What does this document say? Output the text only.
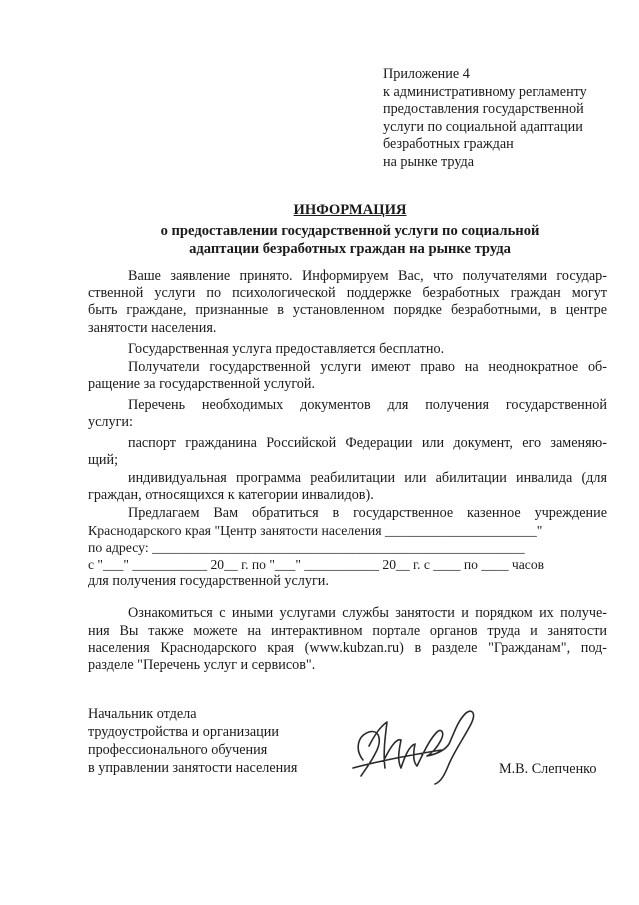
Приложение 4
к административному регламенту
предоставления государственной
услуги по социальной адаптации
безработных граждан
на рынке труда
ИНФОРМАЦИЯ
о предоставлении государственной услуги по социальной
адаптации безработных граждан на рынке труда
Ваше заявление принято. Информируем Вас, что получателями государ-
ственной услуги по психологической поддержке безработных граждан могут
быть граждане, признанные в установленном порядке безработными, в центре
занятости населения.
Государственная услуга предоставляется бесплатно.
Получатели государственной услуги имеют право на неоднократное об-
ращение за государственной услугой.
Перечень необходимых документов для получения государственной
услуги:
паспорт гражданина Российской Федерации или документ, его заменяю-
щий;
индивидуальная программа реабилитации или абилитации инвалида (для
граждан, относящихся к категории инвалидов).
Предлагаем Вам обратиться в государственное казенное учреждение
Краснодарского края "Центр занятости населения ______________________"
по адресу: ______________________________________________________
с "___" ___________ 20__ г. по "___" ___________ 20__ г. с ____ по ____ часов
для получения государственной услуги.
Ознакомиться с иными услугами службы занятости и порядком их получе-
ния Вы также можете на интерактивном портале органов труда и занятости
населения Краснодарского края (www.kubzan.ru) в разделе "Гражданам", под-
разделе "Перечень услуг и сервисов".
Начальник отдела
трудоустройства и организации
профессионального обучения
в управлении занятости населения	М.В. Слепченко
